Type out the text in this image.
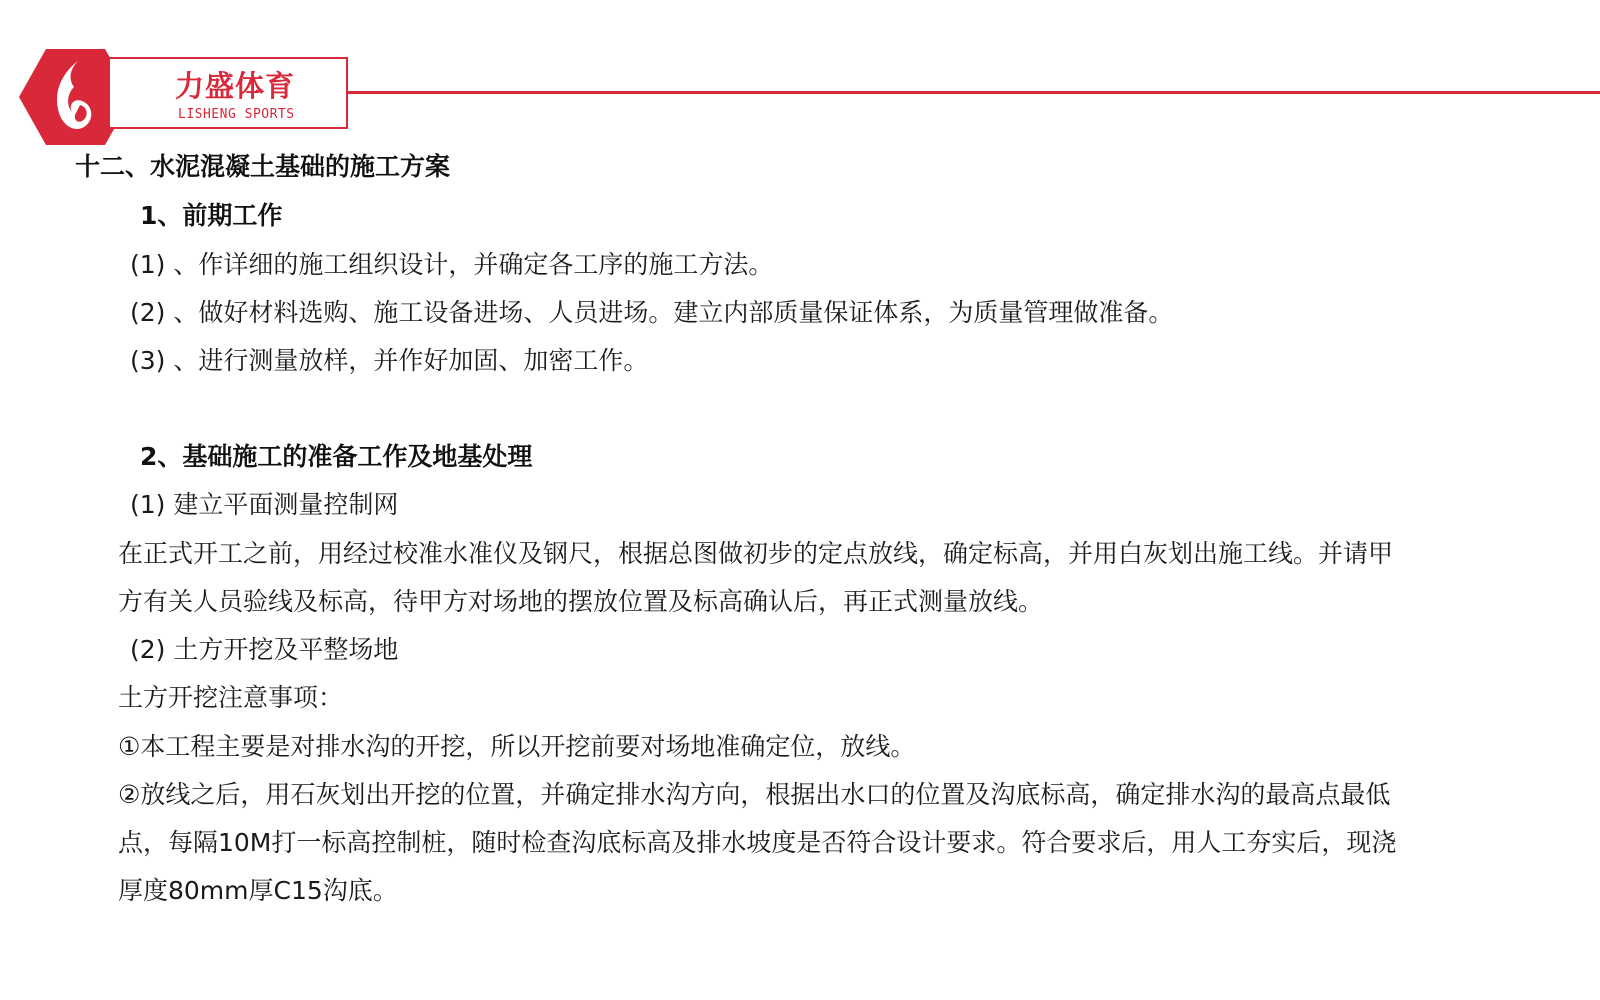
力盛体育
LISHENG SPORTS
十二、水泥混凝土基础的施工方案
1、前期工作
(1) 、作详细的施工组织设计，并确定各工序的施工方法。
(2) 、做好材料选购、施工设备进场、人员进场。建立内部质量保证体系，为质量管理做准备。
(3) 、进行测量放样，并作好加固、加密工作。
2、基础施工的准备工作及地基处理
(1) 建立平面测量控制网
在正式开工之前，用经过校准水准仪及钢尺，根据总图做初步的定点放线，确定标高，并用白灰划出施工线。并请甲
方有关人员验线及标高，待甲方对场地的摆放位置及标高确认后，再正式测量放线。
(2) 土方开挖及平整场地
土方开挖注意事项：
①本工程主要是对排水沟的开挖，所以开挖前要对场地准确定位，放线。
②放线之后，用石灰划出开挖的位置，并确定排水沟方向，根据出水口的位置及沟底标高，确定排水沟的最高点最低
点，每隔10M打一标高控制桩，随时检查沟底标高及排水坡度是否符合设计要求。符合要求后，用人工夯实后，现浇
厚度80mm厚C15沟底。
